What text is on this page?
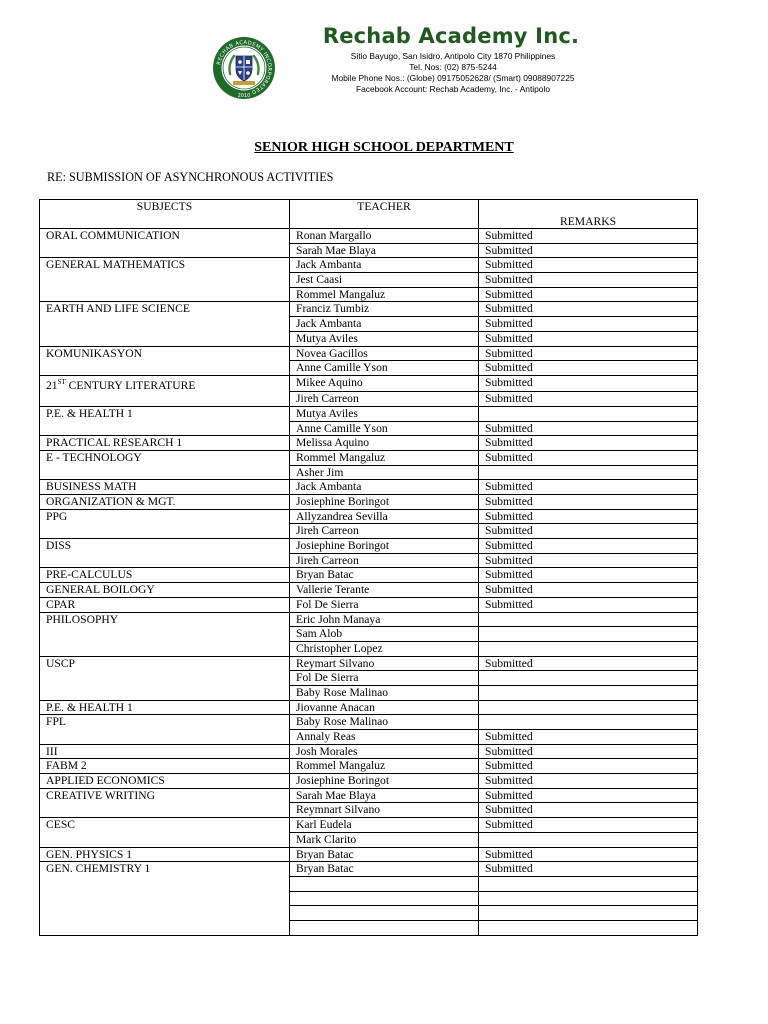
RECHAB ACADEMY INCORPORATED
2010
Rechab Academy Inc.
Sitio Bayugo, San Isidro, Antipolo City 1870 Philippines
Tel. Nos: (02) 875-5244
Mobile Phone Nos.: (Globe) 09175052628/ (Smart) 09088907225
Facebook Account: Rechab Academy, Inc. - Antipolo
SENIOR HIGH SCHOOL DEPARTMENT
RE: SUBMISSION OF ASYNCHRONOUS ACTIVITIES
SUBJECTS	TEACHER	REMARKS
ORAL COMMUNICATION	Ronan Margallo	Submitted
	Sarah Mae Blaya	Submitted
GENERAL MATHEMATICS	Jack Ambanta	Submitted
	Jest Caasi	Submitted
	Rommel Mangaluz	Submitted
EARTH AND LIFE SCIENCE	Franciz Tumbiz	Submitted
	Jack Ambanta	Submitted
	Mutya Aviles	Submitted
KOMUNIKASYON	Novea Gacillos	Submitted
	Anne Camille Yson	Submitted
21ST CENTURY LITERATURE	Mikee Aquino	Submitted
	Jireh Carreon	Submitted
P.E. & HEALTH 1	Mutya Aviles	
	Anne Camille Yson	Submitted
PRACTICAL RESEARCH 1	Melissa Aquino	Submitted
E - TECHNOLOGY	Rommel Mangaluz	Submitted
	Asher Jim	
BUSINESS MATH	Jack Ambanta	Submitted
ORGANIZATION & MGT.	Josiephine Boringot	Submitted
PPG	Allyzandrea Sevilla	Submitted
	Jireh Carreon	Submitted
DISS	Josiephine Boringot	Submitted
	Jireh Carreon	Submitted
PRE-CALCULUS	Bryan Batac	Submitted
GENERAL BOILOGY	Vallerie Terante	Submitted
CPAR	Fol De Sierra	Submitted
PHILOSOPHY	Eric John Manaya	
	Sam Alob	
	Christopher Lopez	
USCP	Reymart Silvano	Submitted
	Fol De Sierra	
	Baby Rose Malinao	
P.E. & HEALTH 1	Jiovanne Anacan	
FPL	Baby Rose Malinao	
	Annaly Reas	Submitted
III	Josh Morales	Submitted
FABM 2	Rommel Mangaluz	Submitted
APPLIED ECONOMICS	Josiephine Boringot	Submitted
CREATIVE WRITING	Sarah Mae Blaya	Submitted
	Reymnart Silvano	Submitted
CESC	Karl Eudela	Submitted
	Mark Clarito	
GEN. PHYSICS 1	Bryan Batac	Submitted
GEN. CHEMISTRY 1	Bryan Batac	Submitted
